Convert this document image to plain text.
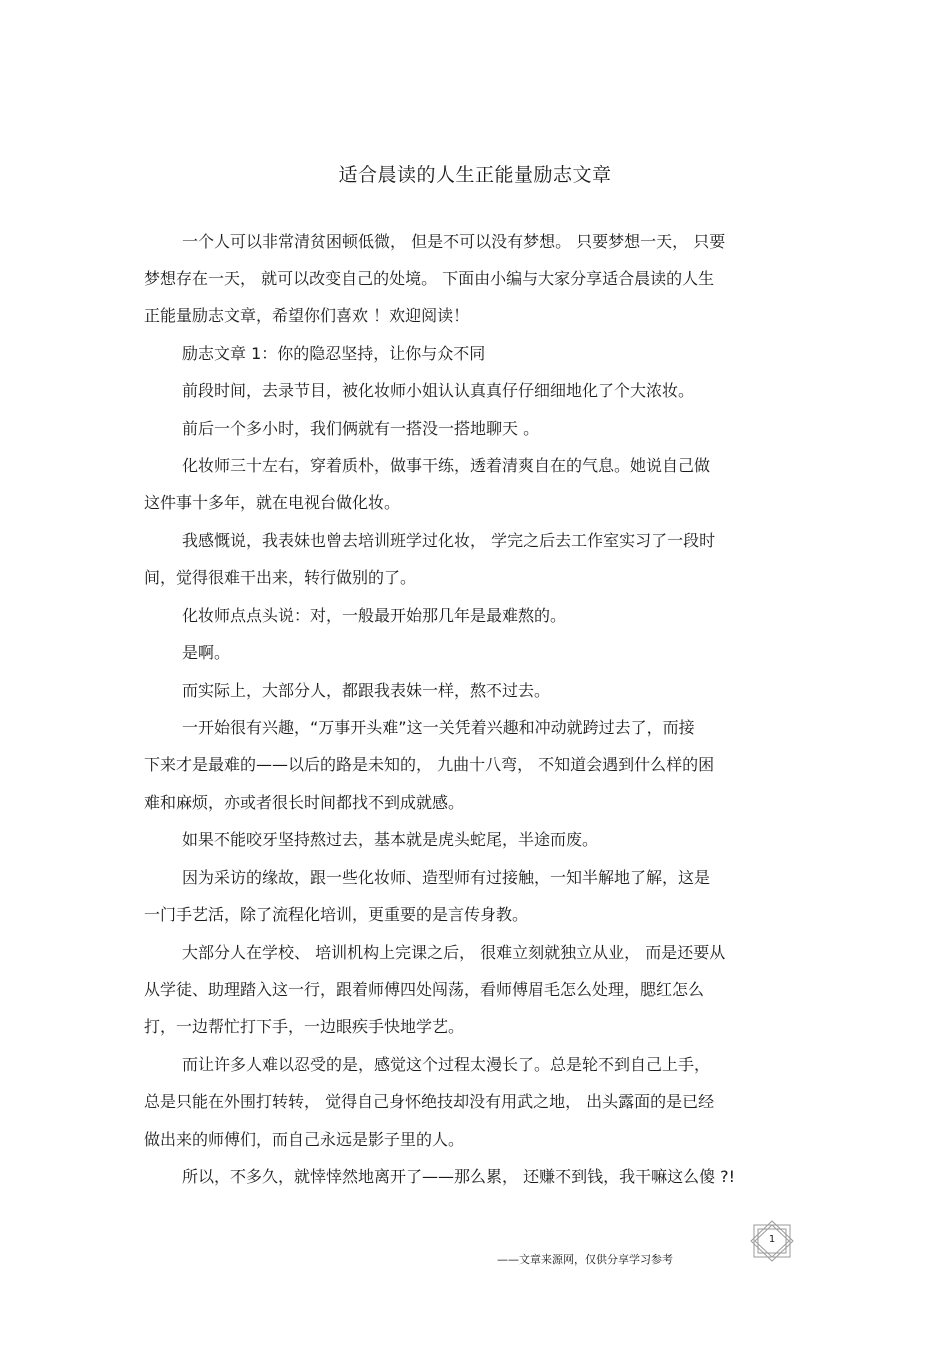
适合晨读的人生正能量励志文章
一个人可以非常清贫困顿低微， 但是不可以没有梦想。 只要梦想一天， 只要
梦想存在一天， 就可以改变自己的处境。 下面由小编与大家分享适合晨读的人生
正能量励志文章，希望你们喜欢 ！欢迎阅读！
励志文章 1：你的隐忍坚持，让你与众不同
前段时间，去录节目，被化妆师小姐认认真真仔仔细细地化了个大浓妆。
前后一个多小时，我们俩就有一搭没一搭地聊天 。
化妆师三十左右，穿着质朴，做事干练，透着清爽自在的气息。她说自己做
这件事十多年，就在电视台做化妆。
我感慨说，我表妹也曾去培训班学过化妆， 学完之后去工作室实习了一段时
间，觉得很难干出来，转行做别的了。
化妆师点点头说：对，一般最开始那几年是最难熬的。
是啊。
而实际上，大部分人，都跟我表妹一样，熬不过去。
一开始很有兴趣，“万事开头难”这一关凭着兴趣和冲动就跨过去了，而接
下来才是最难的——以后的路是未知的， 九曲十八弯， 不知道会遇到什么样的困
难和麻烦，亦或者很长时间都找不到成就感。
如果不能咬牙坚持熬过去，基本就是虎头蛇尾，半途而废。
因为采访的缘故，跟一些化妆师、造型师有过接触，一知半解地了解，这是
一门手艺活，除了流程化培训，更重要的是言传身教。
大部分人在学校、 培训机构上完课之后， 很难立刻就独立从业， 而是还要从
从学徒、助理踏入这一行，跟着师傅四处闯荡，看师傅眉毛怎么处理，腮红怎么
打，一边帮忙打下手，一边眼疾手快地学艺。
而让许多人难以忍受的是，感觉这个过程太漫长了。总是轮不到自己上手，
总是只能在外围打转转， 觉得自己身怀绝技却没有用武之地， 出头露面的是已经
做出来的师傅们，而自己永远是影子里的人。
所以，不多久，就悻悻然地离开了——那么累， 还赚不到钱，我干嘛这么傻 ?!
1
——文章来源网，仅供分享学习参考
